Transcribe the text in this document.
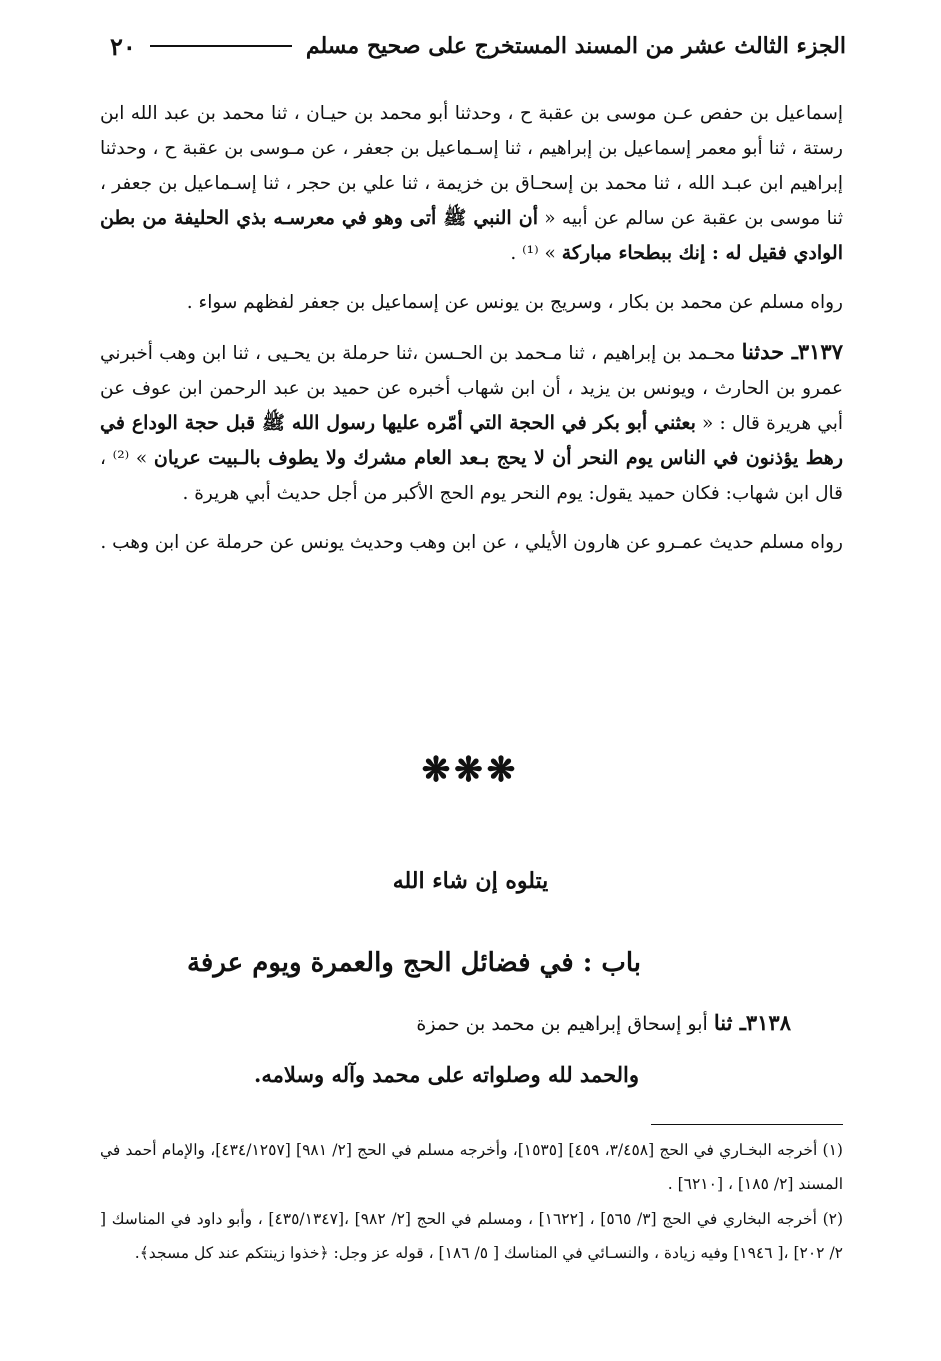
٢٠	الجزء الثالث عشر من المسند المستخرج على صحيح مسلم

إسماعيل بن حفص عـن موسى بن عقبة ح ، وحدثنا أبو محمد بن حيـان ، ثنا محمد بن عبد الله ابن رستة ، ثنا أبو معمر إسماعيل بن إبراهيم ، ثنا إسـماعيل بن جعفر ، عن مـوسى بن عقبة ح ، وحدثنا إبراهيم ابن عبـد الله ، ثنا محمد بن إسحـاق بن خزيمة ، ثنا علي بن حجر ، ثنا إسـماعيل بن جعفر ، ثنا موسى بن عقبة عن سالم عن أبيه « أن النبي ﷺ أتى وهو في معرسـه بذي الحليفة من بطن الوادي فقيل له : إنك ببطحاء مباركة » ⁽¹⁾ .

رواه مسلم عن محمد بن بكار ، وسريج بن يونس عن إسماعيل بن جعفر لفظهم سواء .

٣١٣٧ـ حدثنا محـمد بن إبراهيم ، ثنا مـحمد بن الحـسن ،ثنا حرملة بن يحـيى ، ثنا ابن وهب أخبرني عمرو بن الحارث ، ويونس بن يزيد ، أن ابن شهاب أخبره عن حميد بن عبد الرحمن ابن عوف عن أبي هريرة قال : « بعثني أبو بكر في الحجة التي أمّره عليها رسول الله ﷺ قبل حجة الوداع في رهط يؤذنون في الناس يوم النحر أن لا يحج بـعد العام مشرك ولا يطوف بالـبيت عريان » ⁽²⁾ ، قال ابن شهاب: فكان حميد يقول: يوم النحر يوم الحج الأكبر من أجل حديث أبي هريرة .

رواه مسلم حديث عمـرو عن هارون الأيلي ، عن ابن وهب وحديث يونس عن حرملة عن ابن وهب .

❋❋❋
يتلوه إن شاء الله
باب : في فضائل الحج والعمرة ويوم عرفة
٣١٣٨ـ ثنا أبو إسحاق إبراهيم بن محمد بن حمزة
والحمد لله وصلواته على محمد وآله وسلامه.
(١) أخرجه البخـاري في الحج [٣/٤٥٨، ٤٥٩] [١٥٣٥]، وأخرجه مسلم في الحج [٢/ ٩٨١] [٤٣٤/١٢٥٧]، والإمام أحمد في المسند [٢/ ١٨٥] ، [٦٢١٠] .
(٢) أخرجه البخاري في الحج [٣/ ٥٦٥] ، [١٦٢٢] ، ومسلم في الحج [٢/ ٩٨٢] ،[٤٣٥/١٣٤٧] ، وأبو داود في المناسك [ ٢/ ٢٠٢] ،[ ١٩٤٦] وفيه زيادة ، والنسـائي في المناسك [ ٥/ ١٨٦] ، قوله عز وجل: ﴿خذوا زينتكم عند كل مسجد﴾.
